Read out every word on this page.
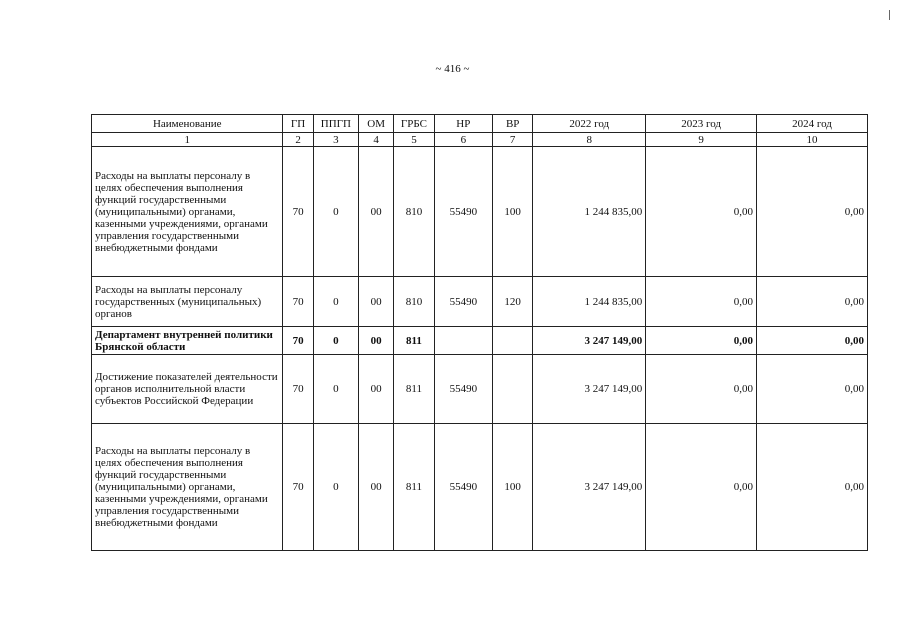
~ 416 ~
Наименование	ГП	ППГП	ОМ	ГРБС	НР	ВР	2022 год	2023 год	2024 год
1	2	3	4	5	6	7	8	9	10
Расходы на выплаты персоналу в целях обеспечения выполнения функций государственными (муниципальными) органами, казенными учреждениями, органами управления государственными внебюджетными фондами	70	0	00	810	55490	100	1 244 835,00	0,00	0,00
Расходы на выплаты персоналу государственных (муниципальных) органов	70	0	00	810	55490	120	1 244 835,00	0,00	0,00
Департамент внутренней политики Брянской области	70	0	00	811			3 247 149,00	0,00	0,00
Достижение показателей деятельности органов исполнительной власти субъектов Российской Федерации	70	0	00	811	55490		3 247 149,00	0,00	0,00
Расходы на выплаты персоналу в целях обеспечения выполнения функций государственными (муниципальными) органами, казенными учреждениями, органами управления государственными внебюджетными фондами	70	0	00	811	55490	100	3 247 149,00	0,00	0,00
